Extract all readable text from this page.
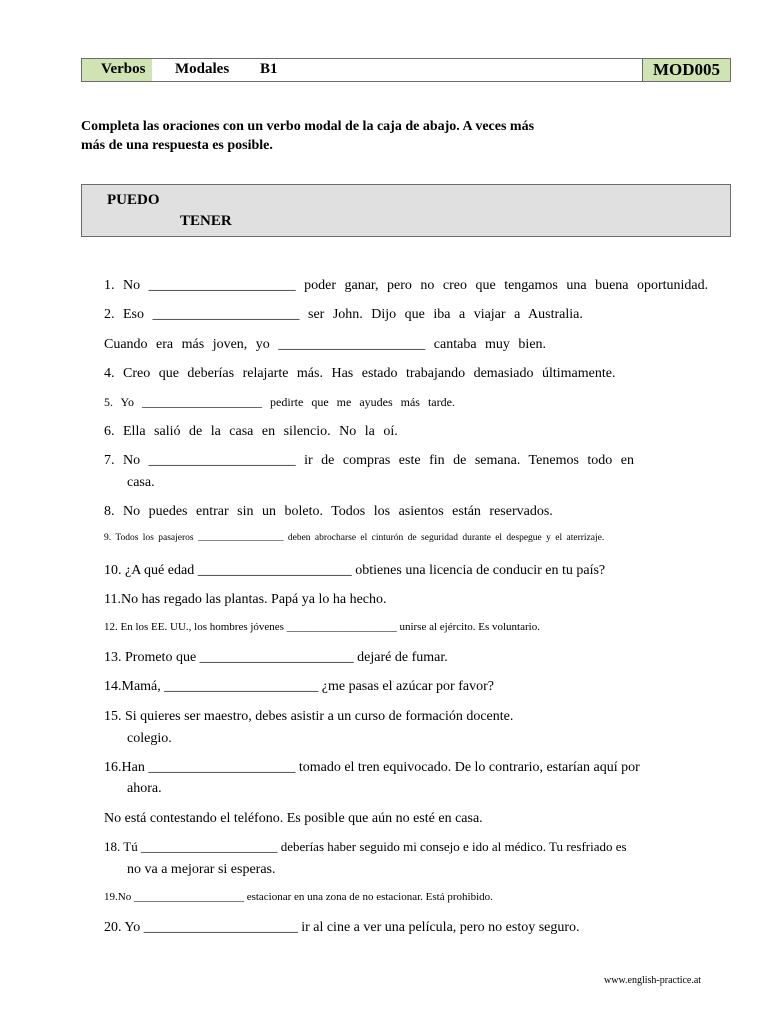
Verbos Modales B1	MOD005
Completa las oraciones con un verbo modal de la caja de abajo. A veces más
más de una respuesta es posible.
PUEDO
TENER
1. No _____________________ poder ganar, pero no creo que tengamos una buena oportunidad.
2. Eso _____________________ ser John. Dijo que iba a viajar a Australia.
Cuando era más joven, yo _____________________ cantaba muy bien.
4. Creo que deberías relajarte más. Has estado trabajando demasiado últimamente.
5. Yo ____________________ pedirte que me ayudes más tarde.
6. Ella salió de la casa en silencio. No la oí.
7. No _____________________ ir de compras este fin de semana. Tenemos todo en
casa.
8. No puedes entrar sin un boleto. Todos los asientos están reservados.
9. Todos los pasajeros __________________ deben abrocharse el cinturón de seguridad durante el despegue y el aterrizaje.
10. ¿A qué edad ______________________ obtienes una licencia de conducir en tu país?
11.No has regado las plantas. Papá ya lo ha hecho.
12. En los EE. UU., los hombres jóvenes ____________________ unirse al ejército. Es voluntario.
13. Prometo que ______________________ dejaré de fumar.
14.Mamá, ______________________ ¿me pasas el azúcar por favor?
15. Si quieres ser maestro, debes asistir a un curso de formación docente.
colegio.
16.Han _____________________ tomado el tren equivocado. De lo contrario, estarían aquí por
ahora.
No está contestando el teléfono. Es posible que aún no esté en casa.
18. Tú _____________________ deberías haber seguido mi consejo e ido al médico. Tu resfriado es
no va a mejorar si esperas.
19.No ____________________ estacionar en una zona de no estacionar. Está prohibido.
20. Yo ______________________ ir al cine a ver una película, pero no estoy seguro.
www.english-practice.at
